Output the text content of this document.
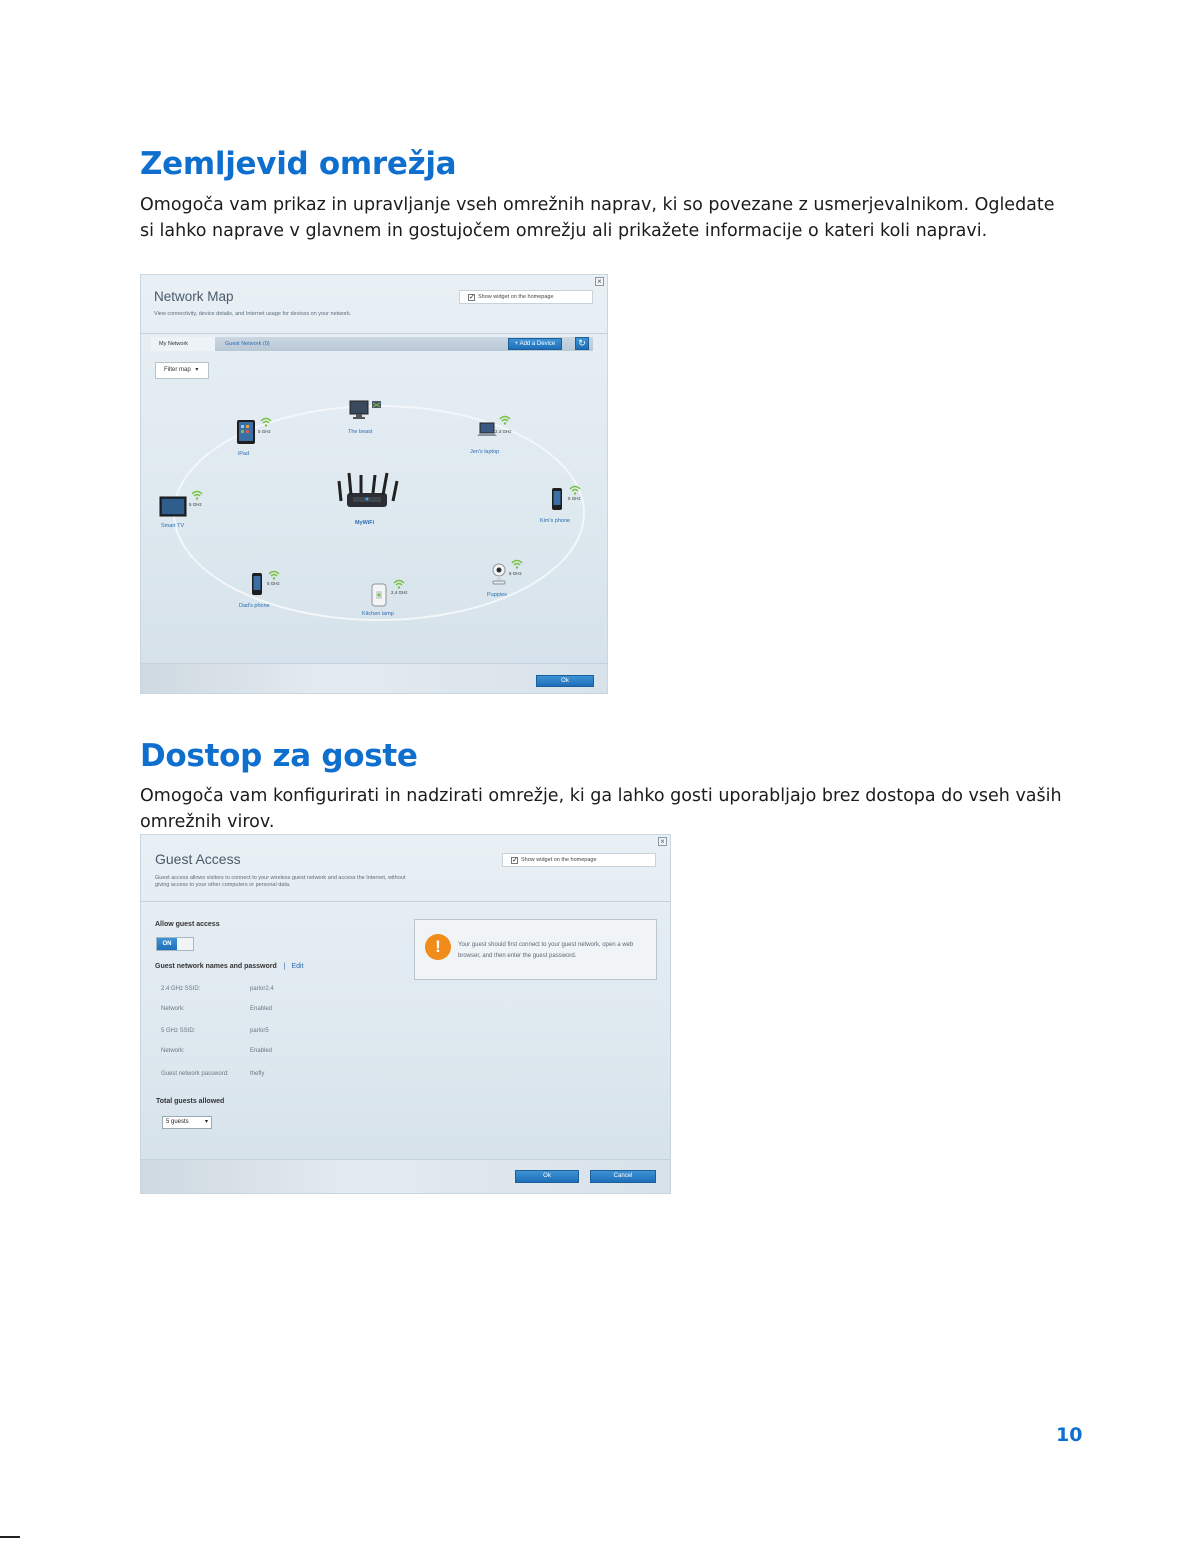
Zemljevid omrežja
Omogoča vam prikaz in upravljanje vseh omrežnih naprav, ki so povezane z usmerjevalnikom. Ogledate si lahko naprave v glavnem in gostujočem omrežju ali prikažete informacije o kateri koli napravi.
×
Network Map
View connectivity, device details, and Internet usage for devices on your network.
✓ Show widget on the homepage
My Network	Guest Network (0)	+ Add a Device	↻
Filter map ▾
MyWiFi
The beast
5 GHz
iPad
2.4 GHz
Jen's laptop
5 GHz
Smart TV
5 GHz
Kim's phone
5 GHz
Dad's phone
2.4 GHz
Kitchen lamp
5 GHz
Puppies
Ok
Dostop za goste
Omogoča vam konfigurirati in nadzirati omrežje, ki ga lahko gosti uporabljajo brez dostopa do vseh vaših omrežnih virov.
×
Guest Access
Guest access allows visitors to connect to your wireless guest network and access the Internet, without
giving access to your other computers or personal data.
✓ Show widget on the homepage
Allow guest access
ON
Guest network names and password | Edit
2.4 GHz SSID:	parlor2.4
Network:	Enabled
5 GHz SSID:	parlor5
Network:	Enabled
Guest network password:	thefly
Total guests allowed
5 guests	▾
!	Your guest should first connect to your guest network, open a web browser, and then enter the guest password.
Ok	Cancel
10
